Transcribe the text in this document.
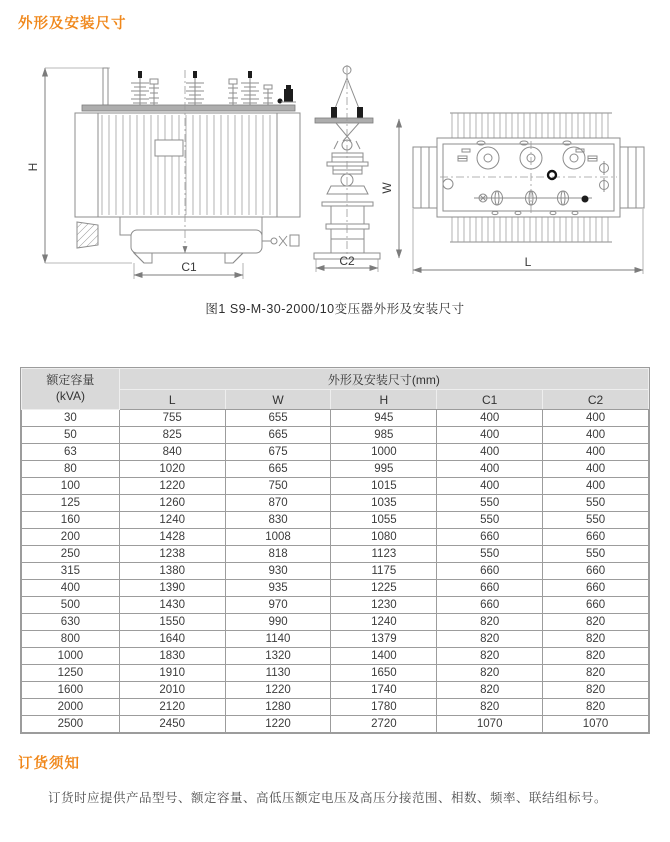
外形及安装尺寸
H
C1
W
C2	L
图1 S9-M-30-2000/10变压器外形及安装尺寸
额定容量
(kVA)	外形及安装尺寸(mm)				
	L	W	H	C1	C2
30	755	655	945	400	400
50	825	665	985	400	400
63	840	675	1000	400	400
80	1020	665	995	400	400
100	1220	750	1015	400	400
125	1260	870	1035	550	550
160	1240	830	1055	550	550
200	1428	1008	1080	660	660
250	1238	818	1123	550	550
315	1380	930	1175	660	660
400	1390	935	1225	660	660
500	1430	970	1230	660	660
630	1550	990	1240	820	820
800	1640	1140	1379	820	820
1000	1830	1320	1400	820	820
1250	1910	1130	1650	820	820
1600	2010	1220	1740	820	820
2000	2120	1280	1780	820	820
2500	2450	1220	2720	1070	1070
订货须知
订货时应提供产品型号、额定容量、高低压额定电压及高压分接范围、相数、频率、联结组标号。
